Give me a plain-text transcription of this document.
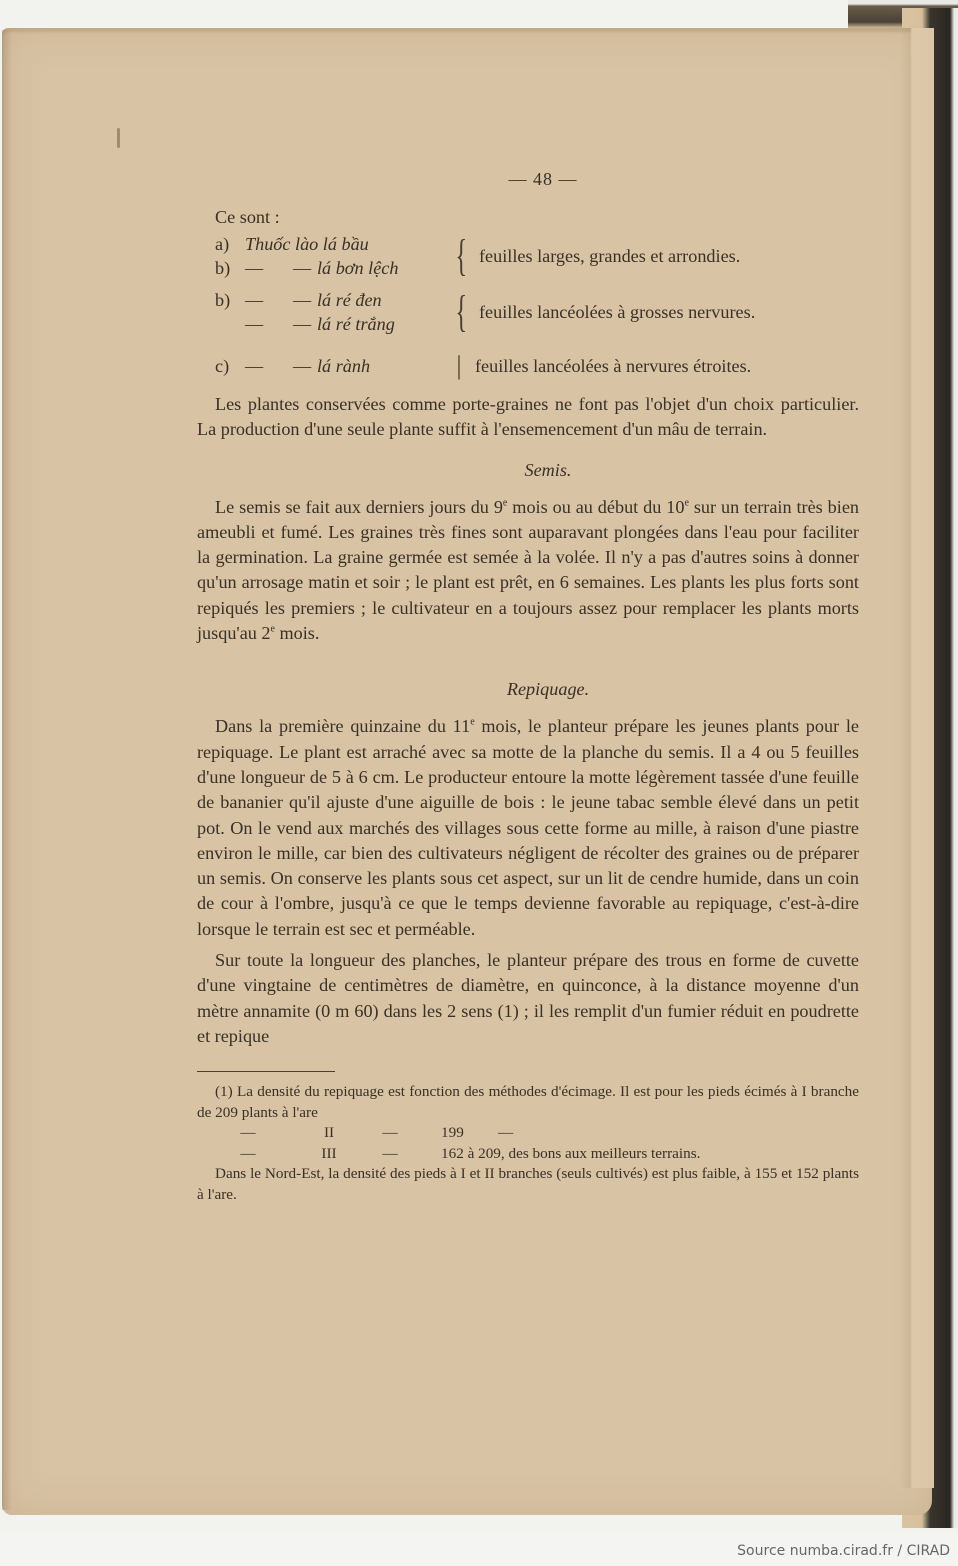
— 48 —
Ce sont :
a) Thuốc lào lá bầu
b) —	— lá bơn lệch { feuilles larges, grandes et arrondies.
b) —	— lá ré đen
—	— lá ré trắng { feuilles lancéolées à grosses nervures.
c) —	— lá rành	| feuilles lancéolées à nervures étroites.

Les plantes conservées comme porte-graines ne font pas l'objet d'un choix particulier. La production d'une seule plante suffit à l'ensemencement d'un mâu de terrain.

Semis.

Le semis se fait aux derniers jours du 9e mois ou au début du 10e sur un terrain très bien ameubli et fumé. Les graines très fines sont auparavant plongées dans l'eau pour faciliter la germination. La graine germée est semée à la volée. Il n'y a pas d'autres soins à donner qu'un arrosage matin et soir ; le plant est prêt, en 6 semaines. Les plants les plus forts sont repiqués les premiers ; le cultivateur en a toujours assez pour remplacer les plants morts jusqu'au 2e mois.

Repiquage.

Dans la première quinzaine du 11e mois, le planteur prépare les jeunes plants pour le repiquage. Le plant est arraché avec sa motte de la planche du semis. Il a 4 ou 5 feuilles d'une longueur de 5 à 6 cm. Le producteur entoure la motte légèrement tassée d'une feuille de bananier qu'il ajuste d'une aiguille de bois : le jeune tabac semble élevé dans un petit pot. On le vend aux marchés des villages sous cette forme au mille, à raison d'une piastre environ le mille, car bien des cultivateurs négligent de récolter des graines ou de préparer un semis. On conserve les plants sous cet aspect, sur un lit de cendre humide, dans un coin de cour à l'ombre, jusqu'à ce que le temps devienne favorable au repiquage, c'est-à-dire lorsque le terrain est sec et perméable.

Sur toute la longueur des planches, le planteur prépare des trous en forme de cuvette d'une vingtaine de centimètres de diamètre, en quinconce, à la distance moyenne d'un mètre annamite (0 m 60) dans les 2 sens (1) ; il les remplit d'un fumier réduit en poudrette et repique

(1) La densité du repiquage est fonction des méthodes d'écimage. Il est pour les pieds écimés à I branche de 209 plants à l'are
—	II	—	199         —
—	III	—	162 à 209, des bons aux meilleurs terrains.
Dans le Nord-Est, la densité des pieds à I et II branches (seuls cultivés) est plus faible, à 155 et 152 plants à l'are.
Source numba.cirad.fr / CIRAD
